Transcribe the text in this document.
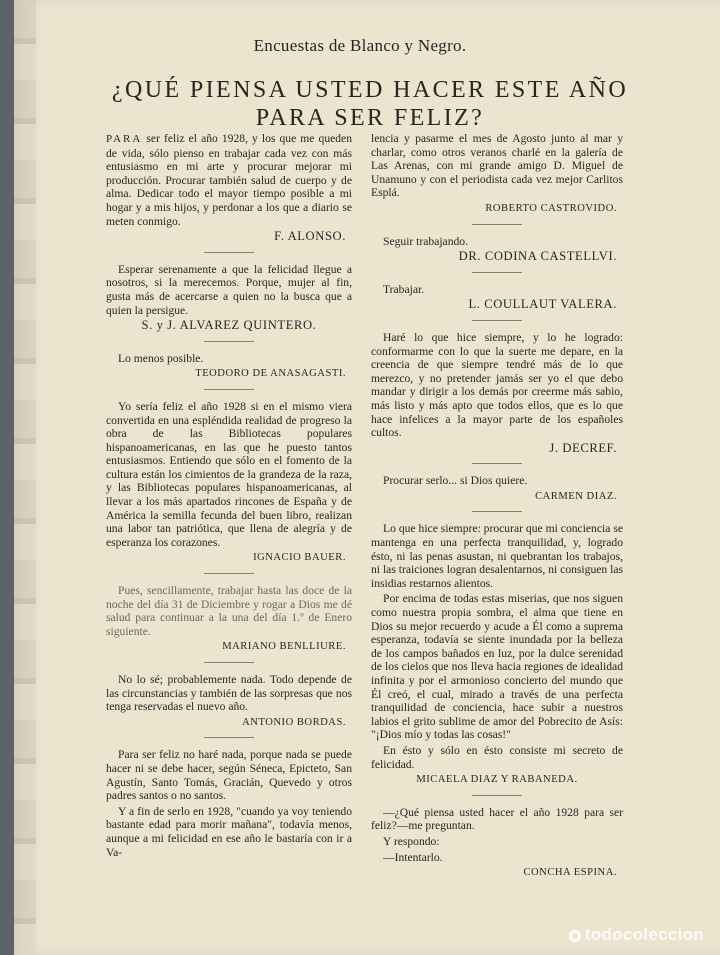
Encuestas de Blanco y Negro.
¿QUÉ PIENSA USTED HACER ESTE AÑO
PARA SER FELIZ?

PARA ser feliz el año 1928, y los que me queden de vida, sólo pienso en trabajar cada vez con más entusiasmo en mi arte y procurar mejorar mi producción. Procurar también salud de cuerpo y de alma. Dedicar todo el mayor tiempo posible a mi hogar y a mis hijos, y perdonar a los que a diario se meten conmigo.

F. ALONSO.

Esperar serenamente a que la felicidad llegue a nosotros, si la merecemos. Porque, mujer al fin, gusta más de acercarse a quien no la busca que a quien la persigue.

S. y J. ALVAREZ QUINTERO.

Lo menos posible.

TEODORO DE ANASAGASTI.

Yo sería feliz el año 1928 si en el mismo viera convertida en una espléndida realidad de progreso la obra de las Bibliotecas populares hispanoamericanas, en las que he puesto tantos entusiasmos. Entiendo que sólo en el fomento de la cultura están los cimientos de la grandeza de la raza, y las Bibliotecas populares hispanoamericanas, al llevar a los más apartados rincones de España y de América la semilla fecunda del buen libro, realizan una labor tan patriótica, que llena de alegría y de esperanza los corazones.

IGNACIO BAUER.

Pues, sencillamente, trabajar hasta las doce de la noche del día 31 de Diciembre y rogar a Dios me dé salud para continuar a la una del día 1.º de Enero siguiente.

MARIANO BENLLIURE.

No lo sé; probablemente nada. Todo depende de las circunstancias y también de las sorpresas que nos tenga reservadas el nuevo año.

ANTONIO BORDAS.

Para ser feliz no haré nada, porque nada se puede hacer ni se debe hacer, según Séneca, Epicteto, San Agustín, Santo Tomás, Gracián, Quevedo y otros padres santos o no santos.

Y a fin de serlo en 1928, "cuando ya voy teniendo bastante edad para morir mañana", todavía menos, aunque a mi felicidad en ese año le bastaría con ir a Va-

lencia y pasarme el mes de Agosto junto al mar y charlar, como otros veranos charlé en la galería de Las Arenas, con mi grande amigo D. Miguel de Unamuno y con el periodista cada vez mejor Carlitos Esplá.

ROBERTO CASTROVIDO.

Seguir trabajando.

DR. CODINA CASTELLVI.

Trabajar.

L. COULLAUT VALERA.

Haré lo que hice siempre, y lo he logrado: conformarme con lo que la suerte me depare, en la creencia de que siempre tendré más de lo que merezco, y no pretender jamás ser yo el que debo mandar y dirigir a los demás por creerme más sabio, más listo y más apto que todos ellos, que es lo que hace infelices a la mayor parte de los españoles cultos.

J. DECREF.

Procurar serlo... si Dios quiere.

CARMEN DIAZ.

Lo que hice siempre: procurar que mi conciencia se mantenga en una perfecta tranquilidad, y, logrado ésto, ni las penas asustan, ni quebrantan los trabajos, ni las traiciones logran desalentarnos, ni consiguen las insidias restarnos alientos.

Por encima de todas estas miserias, que nos siguen como nuestra propia sombra, el alma que tiene en Dios su mejor recuerdo y acude a Él como a suprema esperanza, todavía se siente inundada por la belleza de los campos bañados en luz, por la dulce serenidad de los cielos que nos lleva hacia regiones de idealidad infinita y por el armonioso concierto del mundo que Él creó, el cual, mirado a través de una perfecta tranquilidad de conciencia, hace subir a nuestros labios el grito sublime de amor del Pobrecito de Asís: "¡Dios mío y todas las cosas!"

En ésto y sólo en ésto consiste mi secreto de felicidad.

MICAELA DIAZ Y RABANEDA.

—¿Qué piensa usted hacer el año 1928 para ser feliz?—me preguntan.

Y respondo:

—Intentarlo.

CONCHA ESPINA.
todocoleccion
